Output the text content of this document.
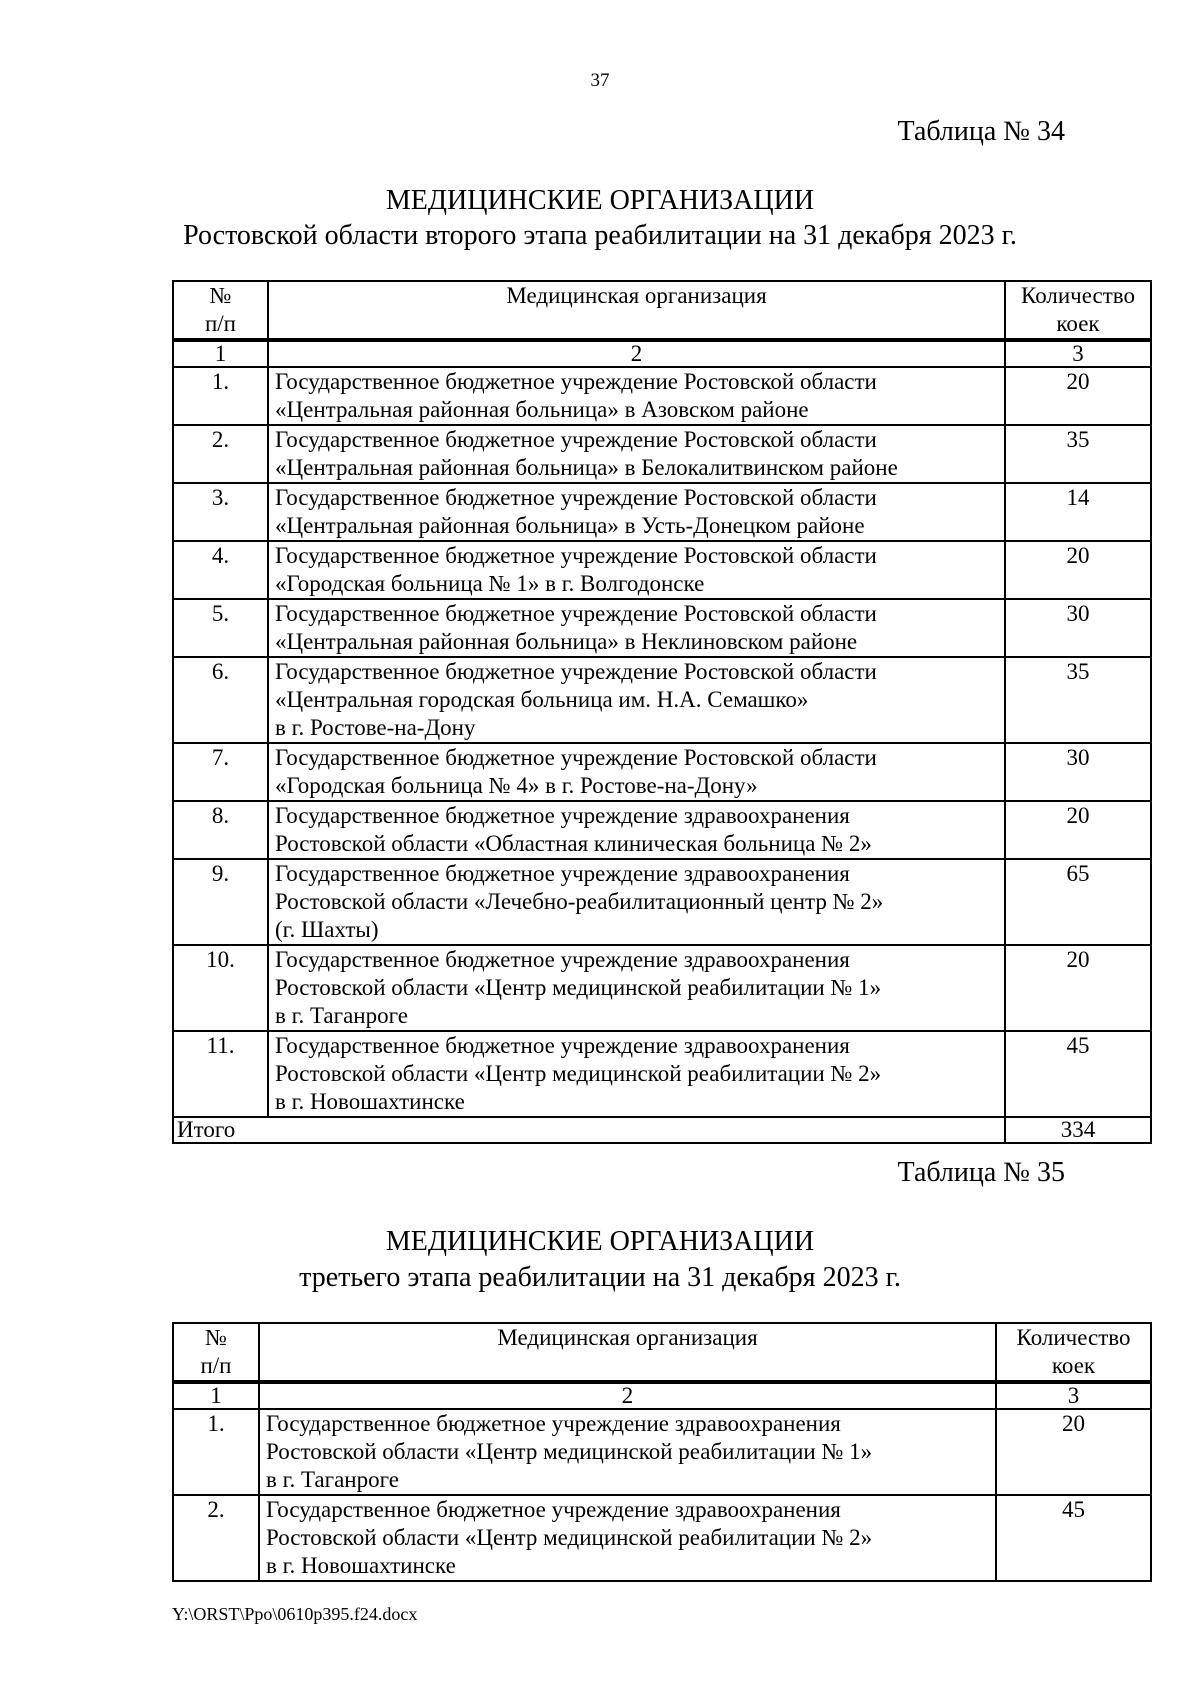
37
Таблица № 34
МЕДИЦИНСКИЕ ОРГАНИЗАЦИИ
Ростовской области второго этапа реабилитации на 31 декабря 2023 г.
№
п/п	Медицинская организация	Количество
коек
1	2	3
1.	Государственное бюджетное учреждение Ростовской области
«Центральная районная больница» в Азовском районе	20
2.	Государственное бюджетное учреждение Ростовской области
«Центральная районная больница» в Белокалитвинском районе	35
3.	Государственное бюджетное учреждение Ростовской области
«Центральная районная больница» в Усть-Донецком районе	14
4.	Государственное бюджетное учреждение Ростовской области
«Городская больница № 1» в г. Волгодонске	20
5.	Государственное бюджетное учреждение Ростовской области
«Центральная районная больница» в Неклиновском районе	30
6.	Государственное бюджетное учреждение Ростовской области
«Центральная городская больница им. Н.А. Семашко»
в г. Ростове-на-Дону	35
7.	Государственное бюджетное учреждение Ростовской области
«Городская больница № 4» в г. Ростове-на-Дону»	30
8.	Государственное бюджетное учреждение здравоохранения
Ростовской области «Областная клиническая больница № 2»	20
9.	Государственное бюджетное учреждение здравоохранения
Ростовской области «Лечебно-реабилитационный центр № 2»
(г. Шахты)	65
10.	Государственное бюджетное учреждение здравоохранения
Ростовской области «Центр медицинской реабилитации № 1»
в г. Таганроге	20
11.	Государственное бюджетное учреждение здравоохранения
Ростовской области «Центр медицинской реабилитации № 2»
в г. Новошахтинске	45
Итого		334
Таблица № 35
МЕДИЦИНСКИЕ ОРГАНИЗАЦИИ
третьего этапа реабилитации на 31 декабря 2023 г.
№
п/п	Медицинская организация	Количество
коек
1	2	3
1.	Государственное бюджетное учреждение здравоохранения
Ростовской области «Центр медицинской реабилитации № 1»
в г. Таганроге	20
2.	Государственное бюджетное учреждение здравоохранения
Ростовской области «Центр медицинской реабилитации № 2»
в г. Новошахтинске	45
Y:\ORST\Ppo\0610p395.f24.docx
